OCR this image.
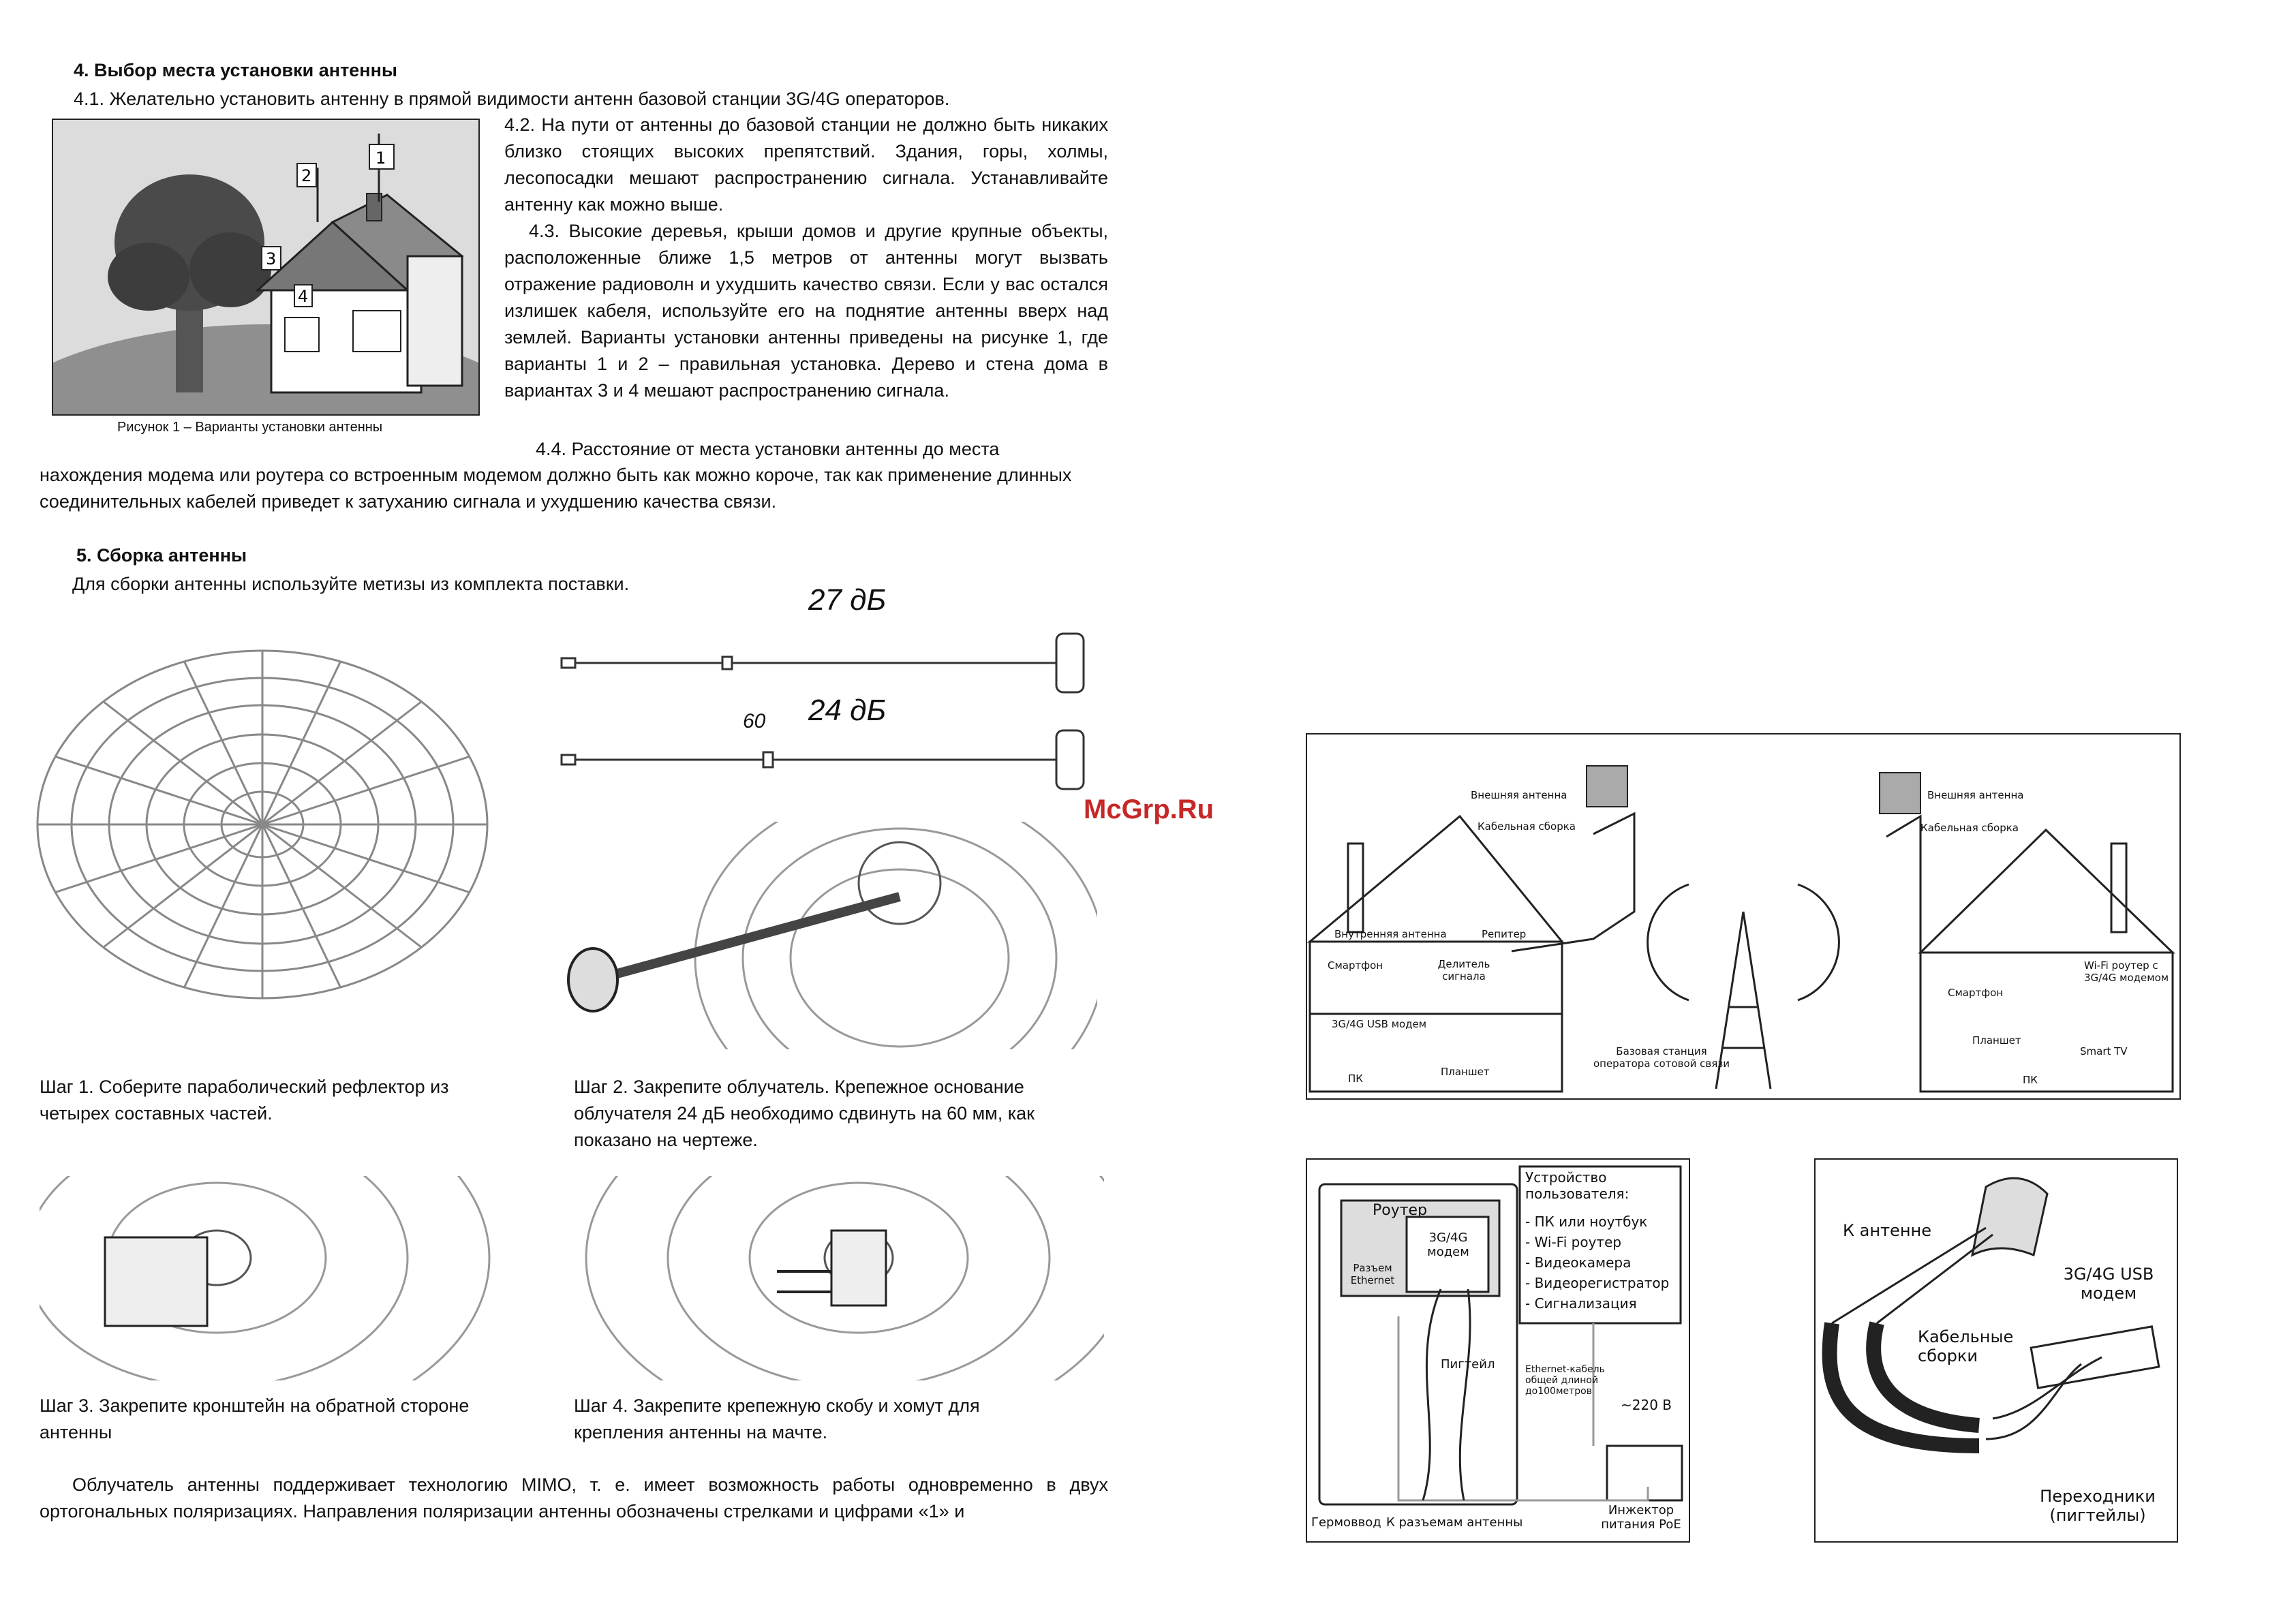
4. Выбор места установки антенны
4.1. Желательно установить антенну в прямой видимости антенн базовой станции 3G/4G операторов.
1
2
3
4
Рисунок 1 – Варианты установки антенны
4.2. На пути от антенны до базовой станции не должно быть никаких близко стоящих высоких препятствий. Здания, горы, холмы, лесопосадки мешают распространению сигнала. Устанавливайте антенну как можно выше.
4.3. Высокие деревья, крыши домов и другие крупные объекты, расположенные ближе 1,5 метров от антенны могут вызвать отражение радиоволн и ухудшить качество связи. Если у вас остался излишек кабеля, используйте его на поднятие антенны вверх над землей. Варианты установки антенны приведены на рисунке 1, где варианты 1 и 2 – правильная установка. Дерево и стена дома в вариантах 3 и 4 мешают распространению сигнала.
4.4. Расстояние от места установки антенны до места
нахождения модема или роутера со встроенным модемом должно быть как можно короче, так как применение длинных соединительных кабелей приведет к затуханию сигнала и ухудшению качества связи.
5. Сборка антенны
Для сборки антенны используйте метизы из комплекта поставки.	27 дБ
24 дБ
60
Шаг 1. Соберите параболический рефлектор из четырех составных частей.
Шаг 2. Закрепите облучатель. Крепежное основание облучателя 24 дБ необходимо сдвинуть на 60 мм, как показано на чертеже.
Шаг 3. Закрепите кронштейн на обратной стороне антенны
Шаг 4. Закрепите крепежную скобу и хомут для крепления антенны на мачте.
Облучатель антенны поддерживает технологию MIMO, т. е. имеет возможность работы одновременно в двух ортогональных поляризациях. Направления поляризации антенны обозначены стрелками и цифрами «1» и
McGrp.Ru	Внешняя антенна
Кабельная сборка
Внутренняя антенна	Репитер
Смартфон	Делитель сигнала
3G/4G USB модем
ПК
Планшет
Базовая станция оператора сотовой связи
Внешняя антенна
Кабельная сборка
Смартфон
Wi-Fi роутер с 3G/4G модемом
Планшет
Smart TV
ПК
Роутер
3G/4G модем
Разъем Ethernet
Устройство пользователя:
- ПК или ноутбук
- Wi-Fi роутер
- Видеокамера
- Видеорегистратор
- Сигнализация
Пигтейл	Ethernet-кабель общей длиной до100метров
~220 В
Инжектор питания PoE
Гермоввод К разъемам антенны
К антенне
3G/4G USB модем
Кабельные сборки
Переходники (пигтейлы)
